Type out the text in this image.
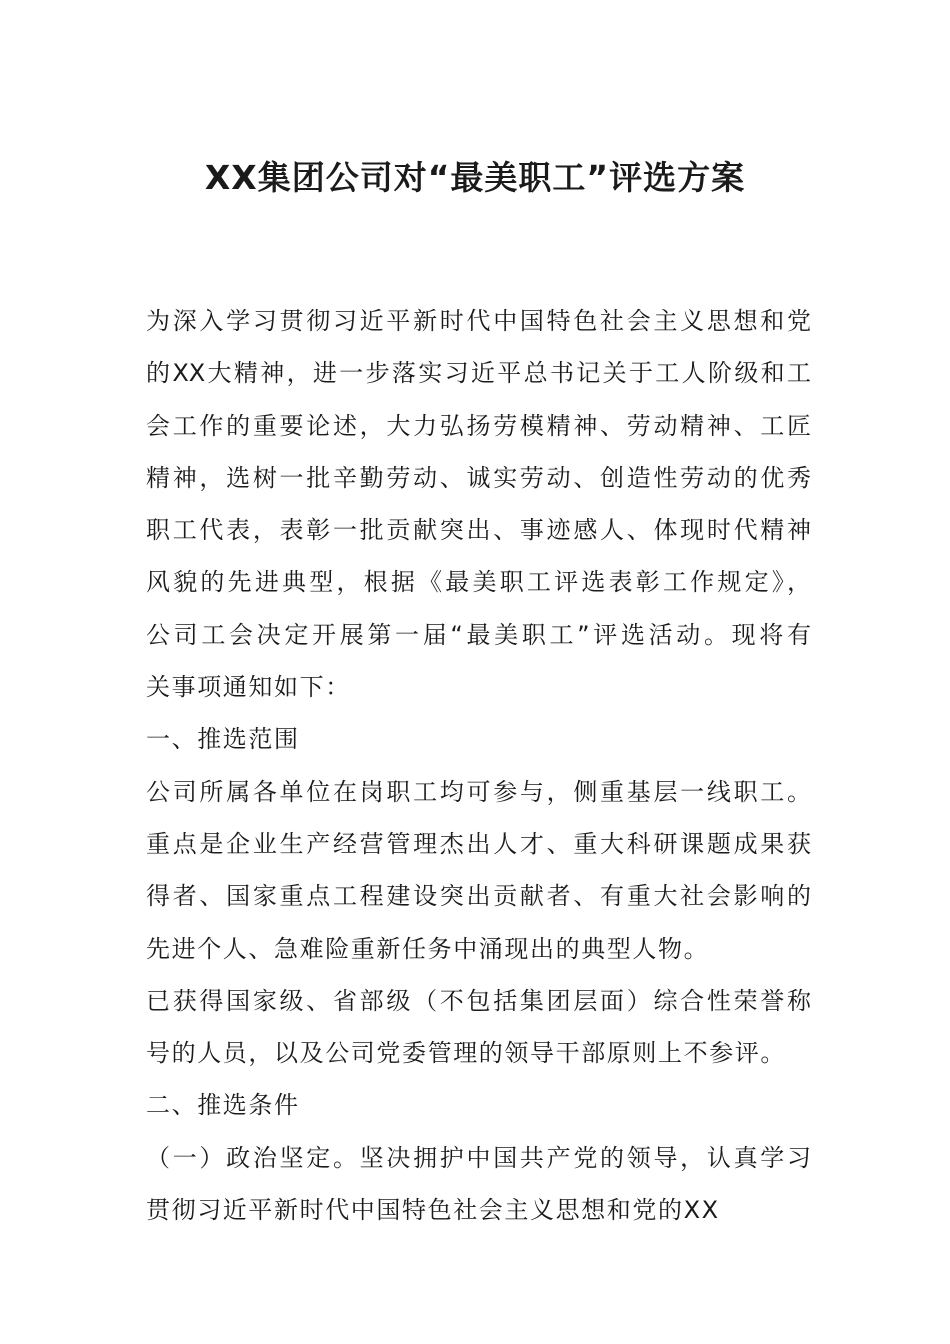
XX集团公司对“最美职工”评选方案
为深入学习贯彻习近平新时代中国特色社会主义思想和党
的XX大精神，进一步落实习近平总书记关于工人阶级和工
会工作的重要论述，大力弘扬劳模精神、劳动精神、工匠
精神，选树一批辛勤劳动、诚实劳动、创造性劳动的优秀
职工代表，表彰一批贡献突出、事迹感人、体现时代精神
风貌的先进典型，根据《最美职工评选表彰工作规定》，
公司工会决定开展第一届“最美职工”评选活动。现将有
关事项通知如下：
一、推选范围
公司所属各单位在岗职工均可参与，侧重基层一线职工。
重点是企业生产经营管理杰出人才、重大科研课题成果获
得者、国家重点工程建设突出贡献者、有重大社会影响的
先进个人、急难险重新任务中涌现出的典型人物。
已获得国家级、省部级（不包括集团层面）综合性荣誉称
号的人员，以及公司党委管理的领导干部原则上不参评。
二、推选条件
（一）政治坚定。坚决拥护中国共产党的领导，认真学习
贯彻习近平新时代中国特色社会主义思想和党的XX
